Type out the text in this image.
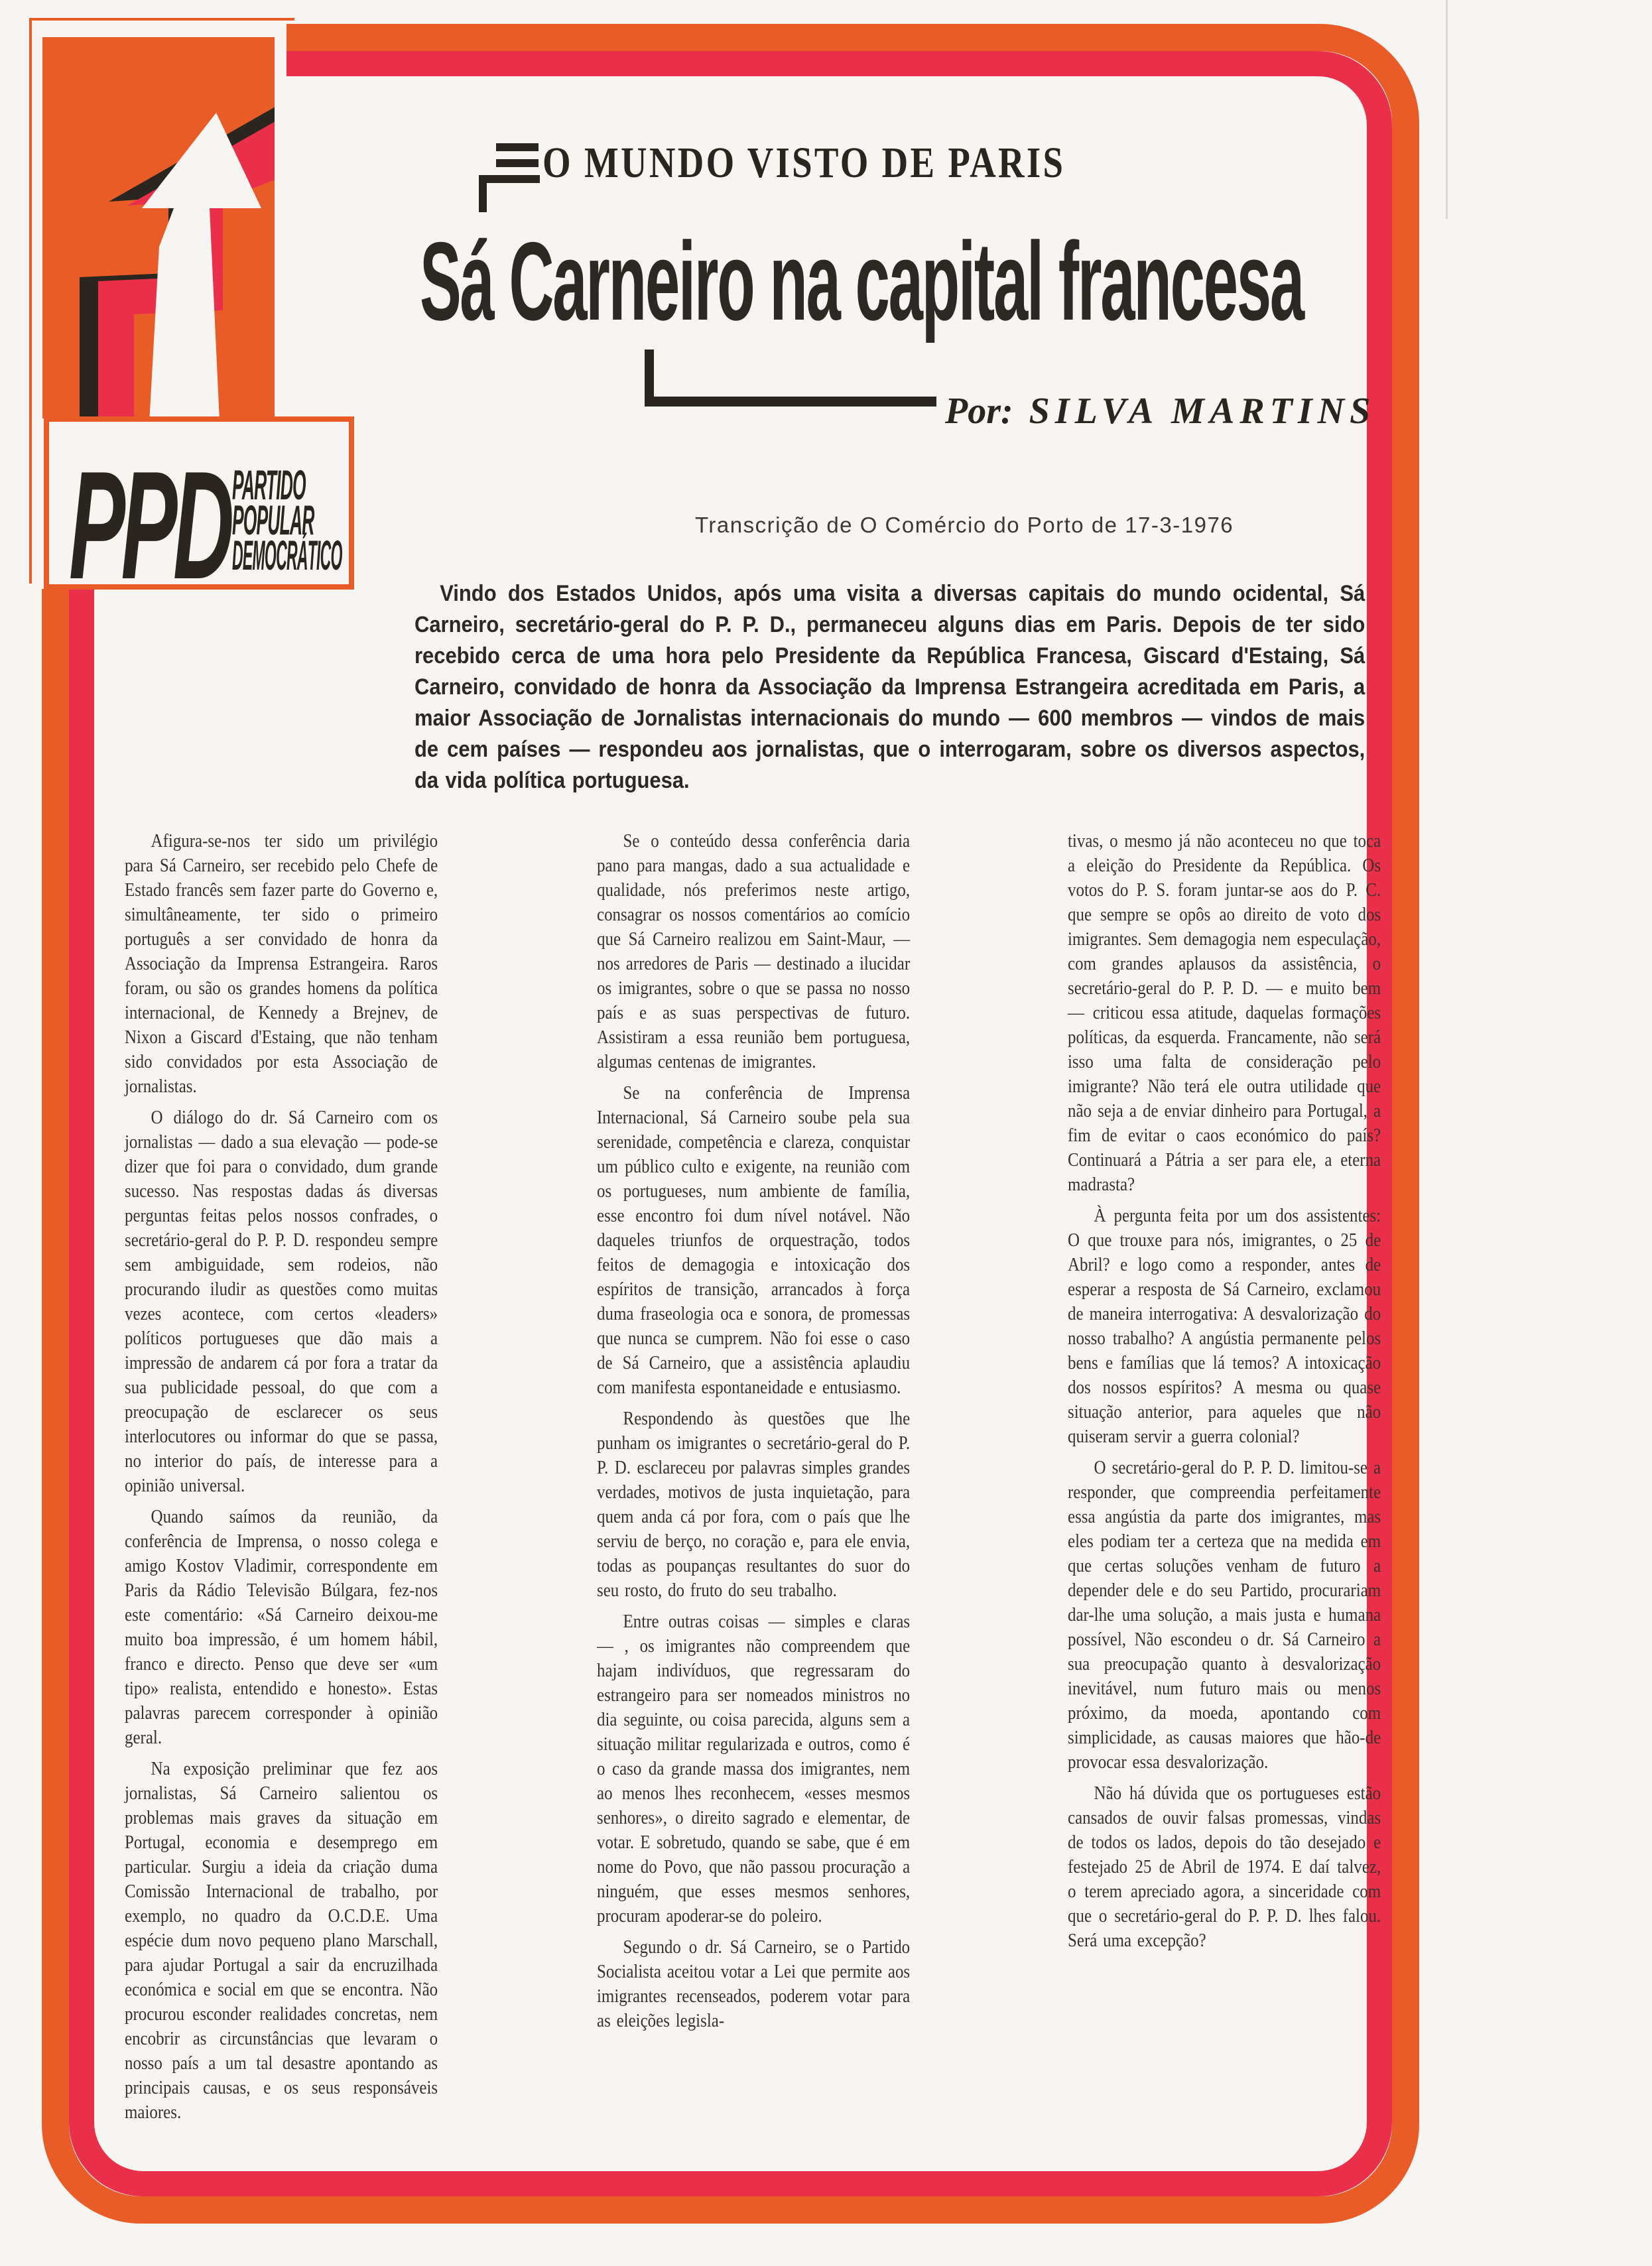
PPD PARTIDO
POPULAR
DEMOCRÁTICO
O MUNDO VISTO DE PARIS
Sá Carneiro na capital francesa
Por: SILVA MARTINS
Transcrição de O Comércio do Porto de 17-3-1976
Vindo dos Estados Unidos, após uma visita a diversas capitais do mundo ocidental, Sá Carneiro, secretário-geral do P. P. D., permaneceu alguns dias em Paris. Depois de ter sido recebido cerca de uma hora pelo Presidente da República Francesa, Giscard d'Estaing, Sá Carneiro, convidado de honra da Associação da Imprensa Estrangeira acreditada em Paris, a maior Associação de Jornalistas internacionais do mundo — 600 membros — vindos de mais de cem países — respondeu aos jornalistas, que o interrogaram, sobre os diversos aspectos, da vida política portuguesa.

Afigura-se-nos ter sido um privilégio para Sá Carneiro, ser recebido pelo Chefe de Estado francês sem fazer parte do Governo e, simultâneamente, ter sido o primeiro português a ser convidado de honra da Associação da Imprensa Estrangeira. Raros foram, ou são os grandes homens da política internacional, de Kennedy a Brejnev, de Nixon a Giscard d'Estaing, que não tenham sido convidados por esta Associação de jornalistas.

O diálogo do dr. Sá Carneiro com os jornalistas — dado a sua elevação — pode-se dizer que foi para o convidado, dum grande sucesso. Nas respostas dadas ás diversas perguntas feitas pelos nossos confrades, o secretário-geral do P. P. D. respondeu sempre sem ambiguidade, sem rodeios, não procurando iludir as questões como muitas vezes acontece, com certos «leaders» políticos portugueses que dão mais a impressão de andarem cá por fora a tratar da sua publicidade pessoal, do que com a preocupação de esclarecer os seus interlocutores ou informar do que se passa, no interior do país, de interesse para a opinião universal.

Quando saímos da reunião, da conferência de Imprensa, o nosso colega e amigo Kostov Vladimir, correspondente em Paris da Rádio Televisão Búlgara, fez-nos este comentário: «Sá Carneiro deixou-me muito boa impressão, é um homem hábil, franco e directo. Penso que deve ser «um tipo» realista, entendido e honesto». Estas palavras parecem corresponder à opinião geral.

Na exposição preliminar que fez aos jornalistas, Sá Carneiro salientou os problemas mais graves da situação em Portugal, economia e desemprego em particular. Surgiu a ideia da criação duma Comissão Internacional de trabalho, por exemplo, no quadro da O.C.D.E. Uma espécie dum novo pequeno plano Marschall, para ajudar Portugal a sair da encruzilhada económica e social em que se encontra. Não procurou esconder realidades concretas, nem encobrir as circunstâncias que levaram o nosso país a um tal desastre apontando as principais causas, e os seus responsáveis maiores.

Se o conteúdo dessa conferência daria pano para mangas, dado a sua actualidade e qualidade, nós preferimos neste artigo, consagrar os nossos comentários ao comício que Sá Carneiro realizou em Saint-Maur, — nos arredores de Paris — destinado a ilucidar os imigrantes, sobre o que se passa no nosso país e as suas perspectivas de futuro. Assistiram a essa reunião bem portuguesa, algumas centenas de imigrantes.

Se na conferência de Imprensa Internacional, Sá Carneiro soube pela sua serenidade, competência e clareza, conquistar um público culto e exigente, na reunião com os portugueses, num ambiente de família, esse encontro foi dum nível notável. Não daqueles triunfos de orquestração, todos feitos de demagogia e intoxicação dos espíritos de transição, arrancados à força duma fraseologia oca e sonora, de promessas que nunca se cumprem. Não foi esse o caso de Sá Carneiro, que a assistência aplaudiu com manifesta espontaneidade e entusiasmo.

Respondendo às questões que lhe punham os imigrantes o secretário-geral do P. P. D. esclareceu por palavras simples grandes verdades, motivos de justa inquietação, para quem anda cá por fora, com o país que lhe serviu de berço, no coração e, para ele envia, todas as poupanças resultantes do suor do seu rosto, do fruto do seu trabalho.

Entre outras coisas — simples e claras — , os imigrantes não compreendem que hajam indivíduos, que regressaram do estrangeiro para ser nomeados ministros no dia seguinte, ou coisa parecida, alguns sem a situação militar regularizada e outros, como é o caso da grande massa dos imigrantes, nem ao menos lhes reconhecem, «esses mesmos senhores», o direito sagrado e elementar, de votar. E sobretudo, quando se sabe, que é em nome do Povo, que não passou procuração a ninguém, que esses mesmos senhores, procuram apoderar-se do poleiro.

Segundo o dr. Sá Carneiro, se o Partido Socialista aceitou votar a Lei que permite aos imigrantes recenseados, poderem votar para as eleições legisla-

tivas, o mesmo já não aconteceu no que toca a eleição do Presidente da República. Os votos do P. S. foram juntar-se aos do P. C. que sempre se opôs ao direito de voto dos imigrantes. Sem demagogia nem especulação, com grandes aplausos da assistência, o secretário-geral do P. P. D. — e muito bem — criticou essa atitude, daquelas formações políticas, da esquerda. Francamente, não será isso uma falta de consideração pelo imigrante? Não terá ele outra utilidade que não seja a de enviar dinheiro para Portugal, a fim de evitar o caos económico do país? Continuará a Pátria a ser para ele, a eterna madrasta?

À pergunta feita por um dos assistentes: O que trouxe para nós, imigrantes, o 25 de Abril? e logo como a responder, antes de esperar a resposta de Sá Carneiro, exclamou de maneira interrogativa: A desvalorização do nosso trabalho? A angústia permanente pelos bens e famílias que lá temos? A intoxicação dos nossos espíritos? A mesma ou quase situação anterior, para aqueles que não quiseram servir a guerra colonial?

O secretário-geral do P. P. D. limitou-se a responder, que compreendia perfeitamente essa angústia da parte dos imigrantes, mas eles podiam ter a certeza que na medida em que certas soluções venham de futuro a depender dele e do seu Partido, procurariam dar-lhe uma solução, a mais justa e humana possível, Não escondeu o dr. Sá Carneiro a sua preocupação quanto à desvalorização inevitável, num futuro mais ou menos próximo, da moeda, apontando com simplicidade, as causas maiores que hão-de provocar essa desvalorização.

Não há dúvida que os portugueses estão cansados de ouvir falsas promessas, vindas de todos os lados, depois do tão desejado e festejado 25 de Abril de 1974. E daí talvez, o terem apreciado agora, a sinceridade com que o secretário-geral do P. P. D. lhes falou. Será uma excepção?
